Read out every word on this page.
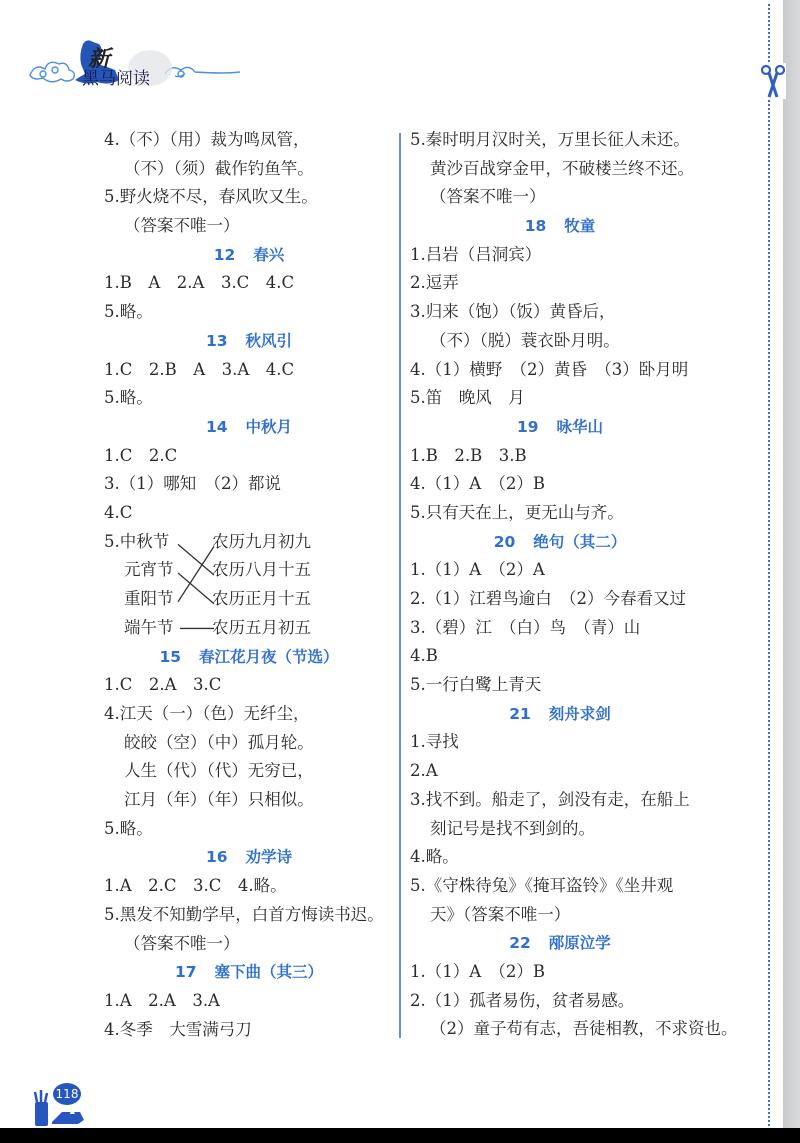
新
黑马阅读
4.（不）（用）裁为鸣凤管，
（不）（须）截作钓鱼竿。
5.野火烧不尽，春风吹又生。
（答案不唯一）
12 春兴
1.B　A　2.A　3.C　4.C
5.略。
13 秋风引
1.C　2.B　A　3.A　4.C
5.略。
14 中秋月
1.C　2.C
3.（1）哪知　（2）都说
4.C
5.中秋节
元宵节
重阳节
端午节
农历九月初九
农历八月十五
农历正月十五
农历五月初五
15 春江花月夜（节选）
1.C　2.A　3.C
4.江天（一）（色）无纤尘，
皎皎（空）（中）孤月轮。
人生（代）（代）无穷已，
江月（年）（年）只相似。
5.略。
16 劝学诗
1.A　2.C　3.C　4.略。
5.黑发不知勤学早，白首方悔读书迟。
（答案不唯一）
17 塞下曲（其三）
1.A　2.A　3.A
4.冬季　大雪满弓刀
5.秦时明月汉时关，万里长征人未还。
黄沙百战穿金甲，不破楼兰终不还。
（答案不唯一）
18 牧童
1.吕岩（吕洞宾）
2.逗弄
3.归来（饱）（饭）黄昏后，
（不）（脱）蓑衣卧月明。
4.（1）横野　（2）黄昏　（3）卧月明
5.笛　晚风　月
19 咏华山
1.B　2.B　3.B
4.（1）A　（2）B
5.只有天在上，更无山与齐。
20 绝句（其二）
1.（1）A　（2）A
2.（1）江碧鸟逾白　（2）今春看又过
3.（碧）江　（白）鸟　（青）山
4.B
5.一行白鹭上青天
21 刻舟求剑
1.寻找
2.A
3.找不到。船走了，剑没有走，在船上
刻记号是找不到剑的。
4.略。
5.《守株待兔》《掩耳盗铃》《坐井观
天》（答案不唯一）
22 邴原泣学
1.（1）A　（2）B
2.（1）孤者易伤，贫者易感。
（2）童子苟有志，吾徒相教，不求资也。
118
